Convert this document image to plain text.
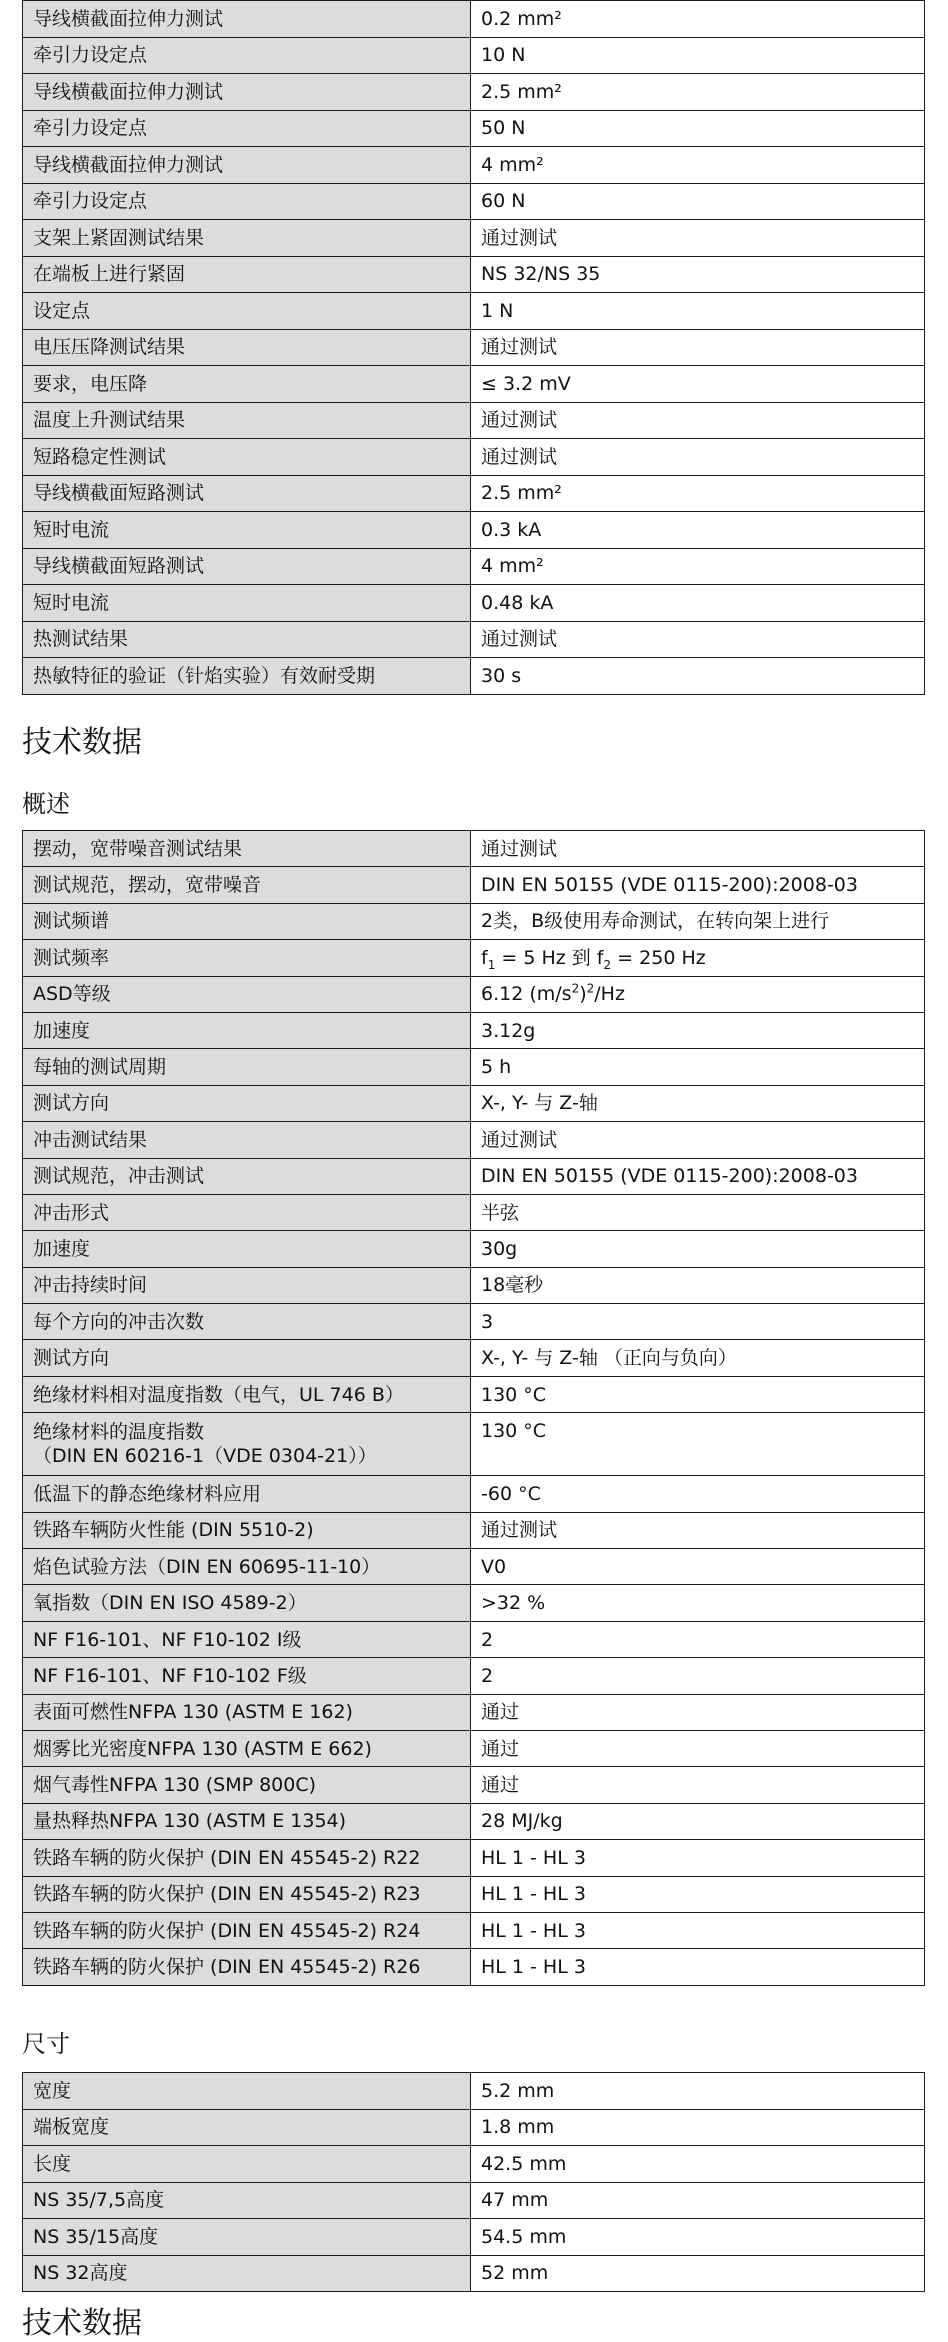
导线横截面拉伸力测试	0.2 mm²
牵引力设定点	10 N
导线横截面拉伸力测试	2.5 mm²
牵引力设定点	50 N
导线横截面拉伸力测试	4 mm²
牵引力设定点	60 N
支架上紧固测试结果	通过测试
在端板上进行紧固	NS 32/NS 35
设定点	1 N
电压压降测试结果	通过测试
要求，电压降	≤ 3.2 mV
温度上升测试结果	通过测试
短路稳定性测试	通过测试
导线横截面短路测试	2.5 mm²
短时电流	0.3 kA
导线横截面短路测试	4 mm²
短时电流	0.48 kA
热测试结果	通过测试
热敏特征的验证（针焰实验）有效耐受期	30 s
技术数据
概述
摆动，宽带噪音测试结果	通过测试
测试规范，摆动，宽带噪音	DIN EN 50155 (VDE 0115-200):2008-03
测试频谱	2类，B级使用寿命测试，在转向架上进行
测试频率	$f_1 = 5$ Hz 到 $f_2 = 250$ Hz
ASD等级	6.12 $(m/s^2)^2/Hz$
加速度	3.12g
每轴的测试周期	5 h
测试方向	X-, Y- 与 Z-轴
冲击测试结果	通过测试
测试规范，冲击测试	DIN EN 50155 (VDE 0115-200):2008-03
冲击形式	半弦
加速度	30g
冲击持续时间	18毫秒
每个方向的冲击次数	3
测试方向	X-, Y- 与 Z-轴 （正向与负向）
绝缘材料相对温度指数（电气，UL 746 B）	130 °C
绝缘材料的温度指数
（DIN EN 60216-1（VDE 0304-21））	130 °C
低温下的静态绝缘材料应用	-60 °C
铁路车辆防火性能 (DIN 5510-2)	通过测试
焰色试验方法（DIN EN 60695-11-10）	V0
氧指数（DIN EN ISO 4589-2）	>32 %
NF F16-101、NF F10-102 I级	2
NF F16-101、NF F10-102 F级	2
表面可燃性NFPA 130 (ASTM E 162)	通过
烟雾比光密度NFPA 130 (ASTM E 662)	通过
烟气毒性NFPA 130 (SMP 800C)	通过
量热释热NFPA 130 (ASTM E 1354)	28 MJ/kg
铁路车辆的防火保护 (DIN EN 45545-2) R22	HL 1 - HL 3
铁路车辆的防火保护 (DIN EN 45545-2) R23	HL 1 - HL 3
铁路车辆的防火保护 (DIN EN 45545-2) R24	HL 1 - HL 3
铁路车辆的防火保护 (DIN EN 45545-2) R26	HL 1 - HL 3
尺寸
宽度	5.2 mm
端板宽度	1.8 mm
长度	42.5 mm
NS 35/7,5高度	47 mm
NS 35/15高度	54.5 mm
NS 32高度	52 mm
技术数据
